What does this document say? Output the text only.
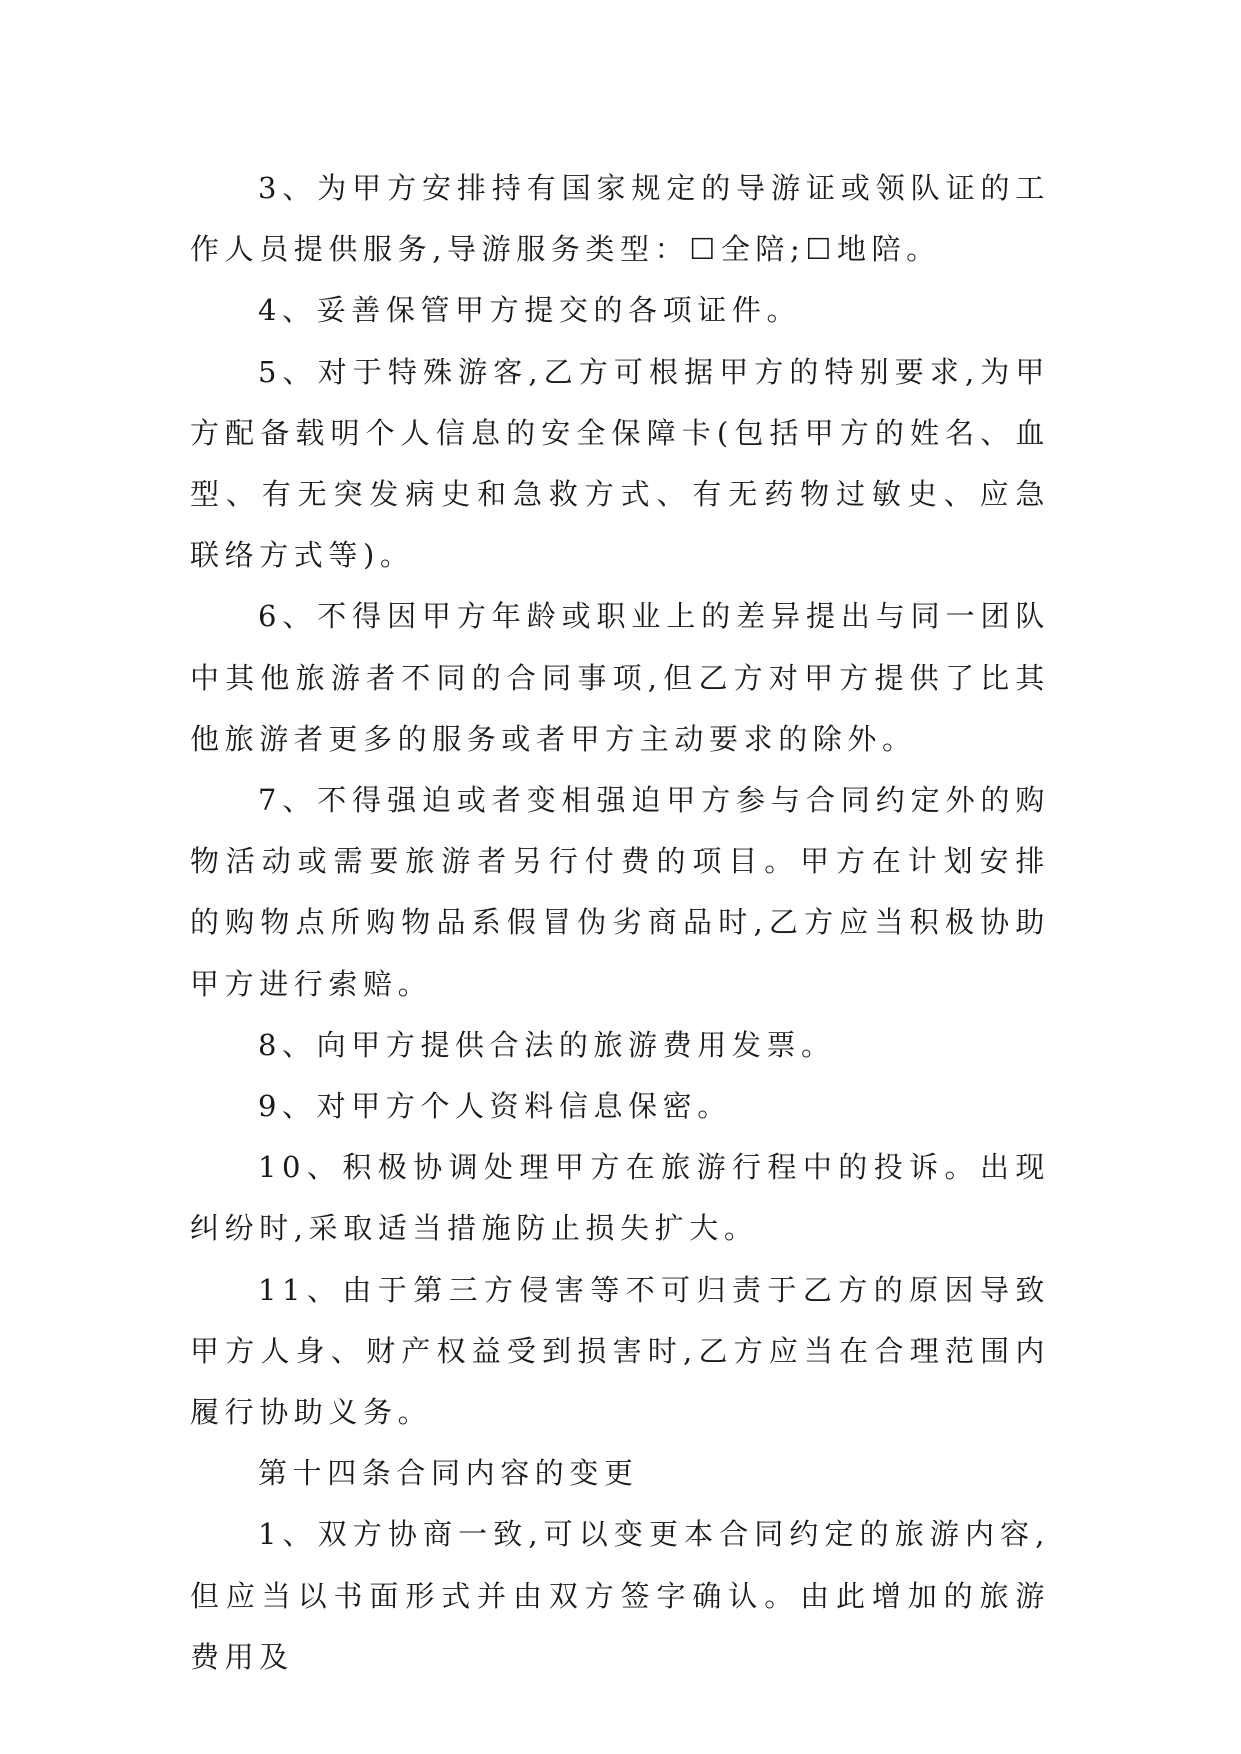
3、为甲方安排持有国家规定的导游证或领队证的工作人员提供服务,导游服务类型：☐全陪;☐地陪。

4、妥善保管甲方提交的各项证件。

5、对于特殊游客,乙方可根据甲方的特别要求,为甲方配备载明个人信息的安全保障卡(包括甲方的姓名、血型、有无突发病史和急救方式、有无药物过敏史、应急联络方式等)。

6、不得因甲方年龄或职业上的差异提出与同一团队中其他旅游者不同的合同事项,但乙方对甲方提供了比其他旅游者更多的服务或者甲方主动要求的除外。

7、不得强迫或者变相强迫甲方参与合同约定外的购物活动或需要旅游者另行付费的项目。甲方在计划安排的购物点所购物品系假冒伪劣商品时,乙方应当积极协助甲方进行索赔。

8、向甲方提供合法的旅游费用发票。

9、对甲方个人资料信息保密。

10、积极协调处理甲方在旅游行程中的投诉。出现纠纷时,采取适当措施防止损失扩大。

11、由于第三方侵害等不可归责于乙方的原因导致甲方人身、财产权益受到损害时,乙方应当在合理范围内履行协助义务。

第十四条合同内容的变更

1、双方协商一致,可以变更本合同约定的旅游内容,但应当以书面形式并由双方签字确认。由此增加的旅游费用及
